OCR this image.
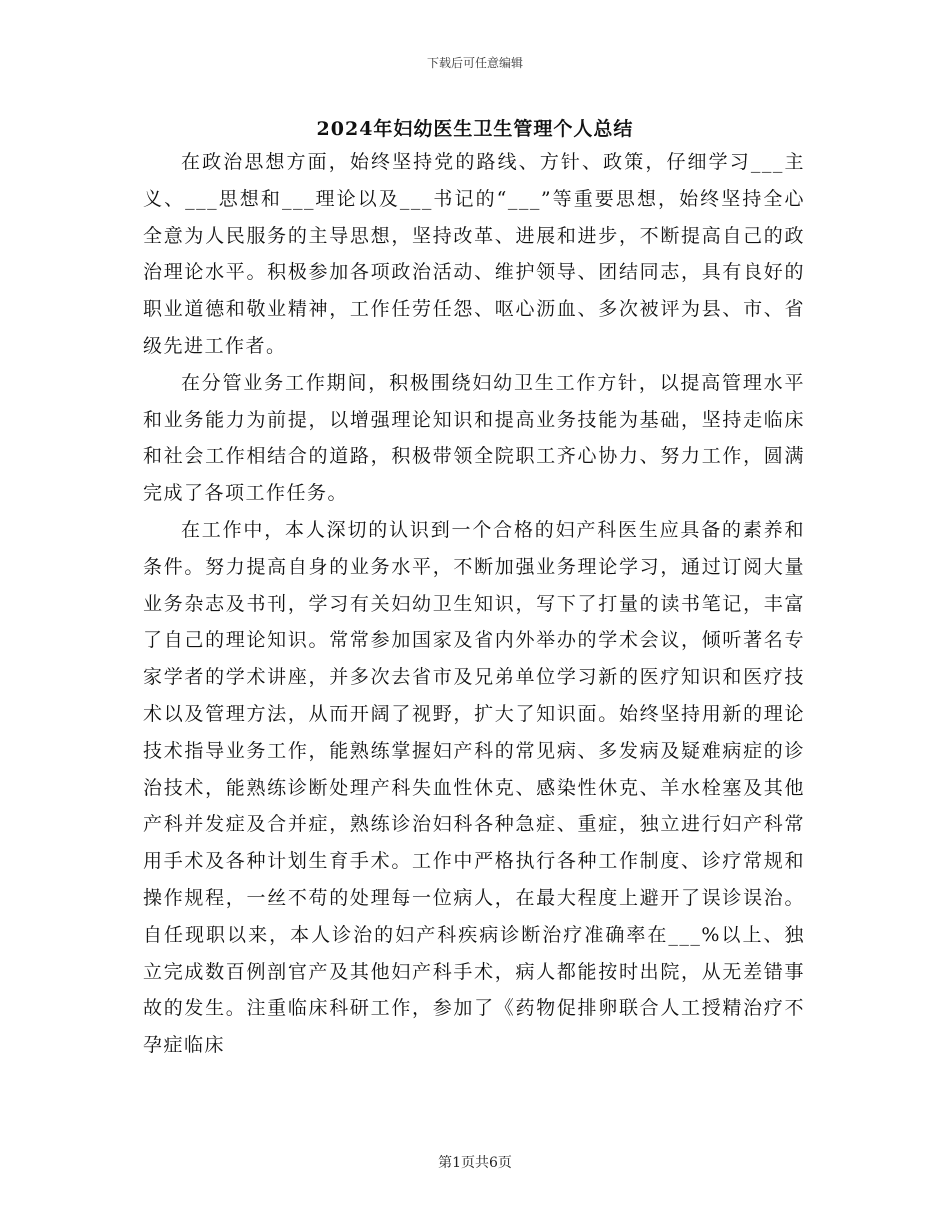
下载后可任意编辑
2024年妇幼医生卫生管理个人总结

在政治思想方面，始终坚持党的路线、方针、政策，仔细学习___主义、___思想和___理论以及___书记的“___”等重要思想，始终坚持全心全意为人民服务的主导思想，坚持改革、进展和进步，不断提高自己的政治理论水平。积极参加各项政治活动、维护领导、团结同志，具有良好的职业道德和敬业精神，工作任劳任怨、呕心沥血、多次被评为县、市、省级先进工作者。

在分管业务工作期间，积极围绕妇幼卫生工作方针，以提高管理水平和业务能力为前提，以增强理论知识和提高业务技能为基础，坚持走临床和社会工作相结合的道路，积极带领全院职工齐心协力、努力工作，圆满完成了各项工作任务。

在工作中，本人深切的认识到一个合格的妇产科医生应具备的素养和条件。努力提高自身的业务水平，不断加强业务理论学习，通过订阅大量业务杂志及书刊，学习有关妇幼卫生知识，写下了打量的读书笔记，丰富了自己的理论知识。常常参加国家及省内外举办的学术会议，倾听著名专家学者的学术讲座，并多次去省市及兄弟单位学习新的医疗知识和医疗技术以及管理方法，从而开阔了视野，扩大了知识面。始终坚持用新的理论技术指导业务工作，能熟练掌握妇产科的常见病、多发病及疑难病症的诊治技术，能熟练诊断处理产科失血性休克、感染性休克、羊水栓塞及其他产科并发症及合并症，熟练诊治妇科各种急症、重症，独立进行妇产科常用手术及各种计划生育手术。工作中严格执行各种工作制度、诊疗常规和操作规程，一丝不苟的处理每一位病人，在最大程度上避开了误诊误治。自任现职以来，本人诊治的妇产科疾病诊断治疗准确率在___%以上、独立完成数百例剖官产及其他妇产科手术，病人都能按时出院，从无差错事故的发生。注重临床科研工作，参加了《药物促排卵联合人工授精治疗不孕症临床

第1页共6页
